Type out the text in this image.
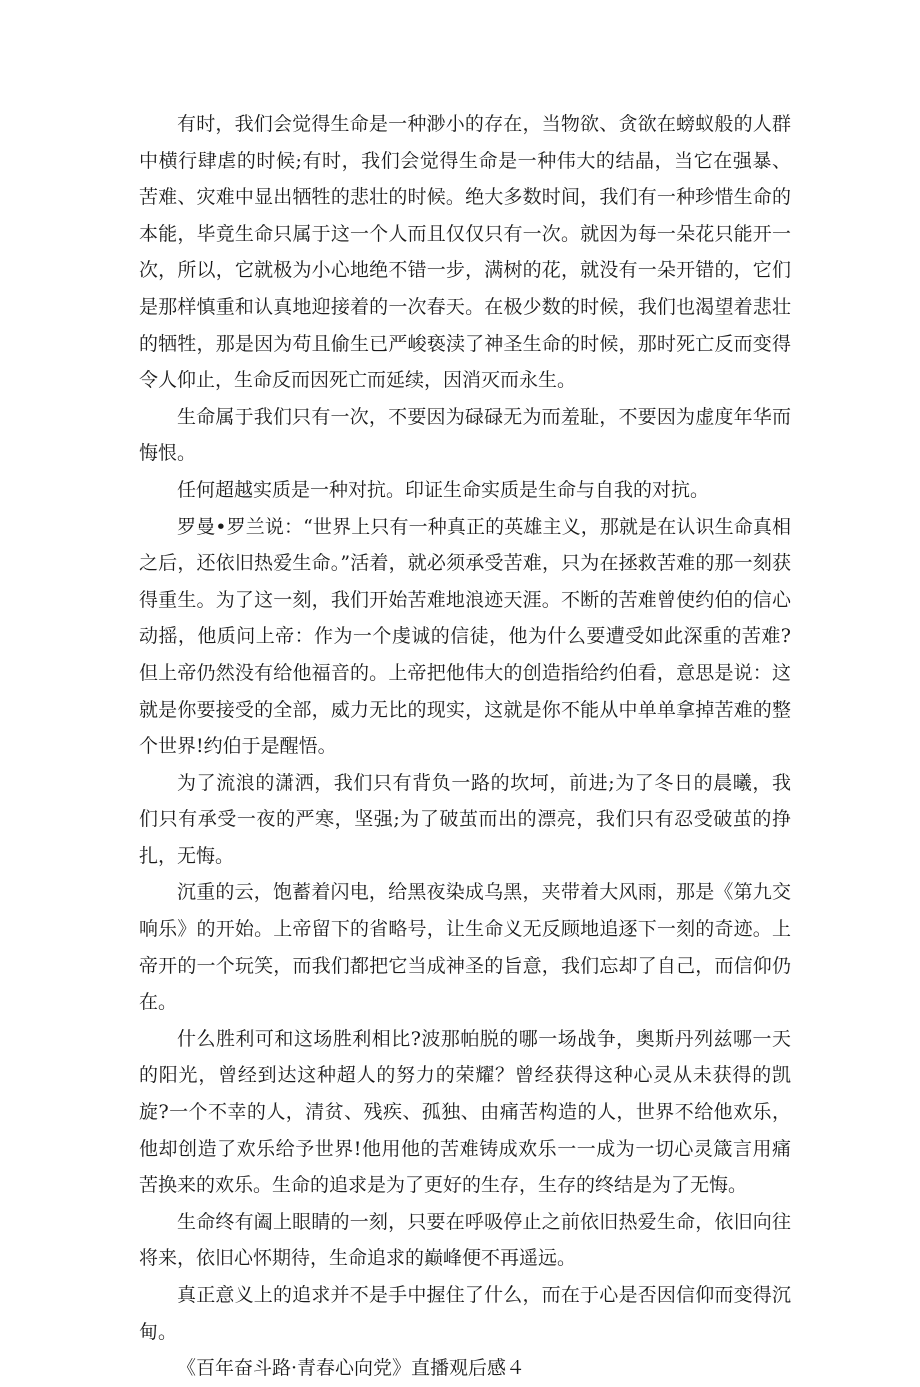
有时，我们会觉得生命是一种渺小的存在，当物欲、贪欲在螃蚁般的人群中横行肆虐的时候;有时，我们会觉得生命是一种伟大的结晶，当它在强暴、苦难、灾难中显出牺牲的悲壮的时候。绝大多数时间，我们有一种珍惜生命的本能，毕竟生命只属于这一个人而且仅仅只有一次。就因为每一朵花只能开一次，所以，它就极为小心地绝不错一步，满树的花，就没有一朵开错的，它们是那样慎重和认真地迎接着的一次春天。在极少数的时候，我们也渴望着悲壮的牺牲，那是因为苟且偷生已严峻亵渎了神圣生命的时候，那时死亡反而变得令人仰止，生命反而因死亡而延续，因消灭而永生。

生命属于我们只有一次，不要因为碌碌无为而羞耻，不要因为虚度年华而悔恨。

任何超越实质是一种对抗。印证生命实质是生命与自我的对抗。

罗曼•罗兰说：“世界上只有一种真正的英雄主义，那就是在认识生命真相之后，还依旧热爱生命。”活着，就必须承受苦难，只为在拯救苦难的那一刻获得重生。为了这一刻，我们开始苦难地浪迹天涯。不断的苦难曾使约伯的信心动摇，他质问上帝：作为一个虔诚的信徒，他为什么要遭受如此深重的苦难?但上帝仍然没有给他福音的。上帝把他伟大的创造指给约伯看，意思是说：这就是你要接受的全部，威力无比的现实，这就是你不能从中单单拿掉苦难的整个世界!约伯于是醒悟。

为了流浪的潇洒，我们只有背负一路的坎坷，前进;为了冬日的晨曦，我们只有承受一夜的严寒，坚强;为了破茧而出的漂亮，我们只有忍受破茧的挣扎，无悔。

沉重的云，饱蓄着闪电，给黑夜染成乌黑，夹带着大风雨，那是《第九交响乐》的开始。上帝留下的省略号，让生命义无反顾地追逐下一刻的奇迹。上帝开的一个玩笑，而我们都把它当成神圣的旨意，我们忘却了自己，而信仰仍在。

什么胜利可和这场胜利相比?波那帕脱的哪一场战争，奥斯丹列兹哪一天的阳光，曾经到达这种超人的努力的荣耀？曾经获得这种心灵从未获得的凯旋?一个不幸的人，清贫、残疾、孤独、由痛苦构造的人，世界不给他欢乐，他却创造了欢乐给予世界!他用他的苦难铸成欢乐一一成为一切心灵箴言用痛苦换来的欢乐。生命的追求是为了更好的生存，生存的终结是为了无悔。

生命终有阖上眼睛的一刻，只要在呼吸停止之前依旧热爱生命，依旧向往将来，依旧心怀期待，生命追求的巅峰便不再遥远。

真正意义上的追求并不是手中握住了什么，而在于心是否因信仰而变得沉甸。

《百年奋斗路·青春心向党》直播观后感４
